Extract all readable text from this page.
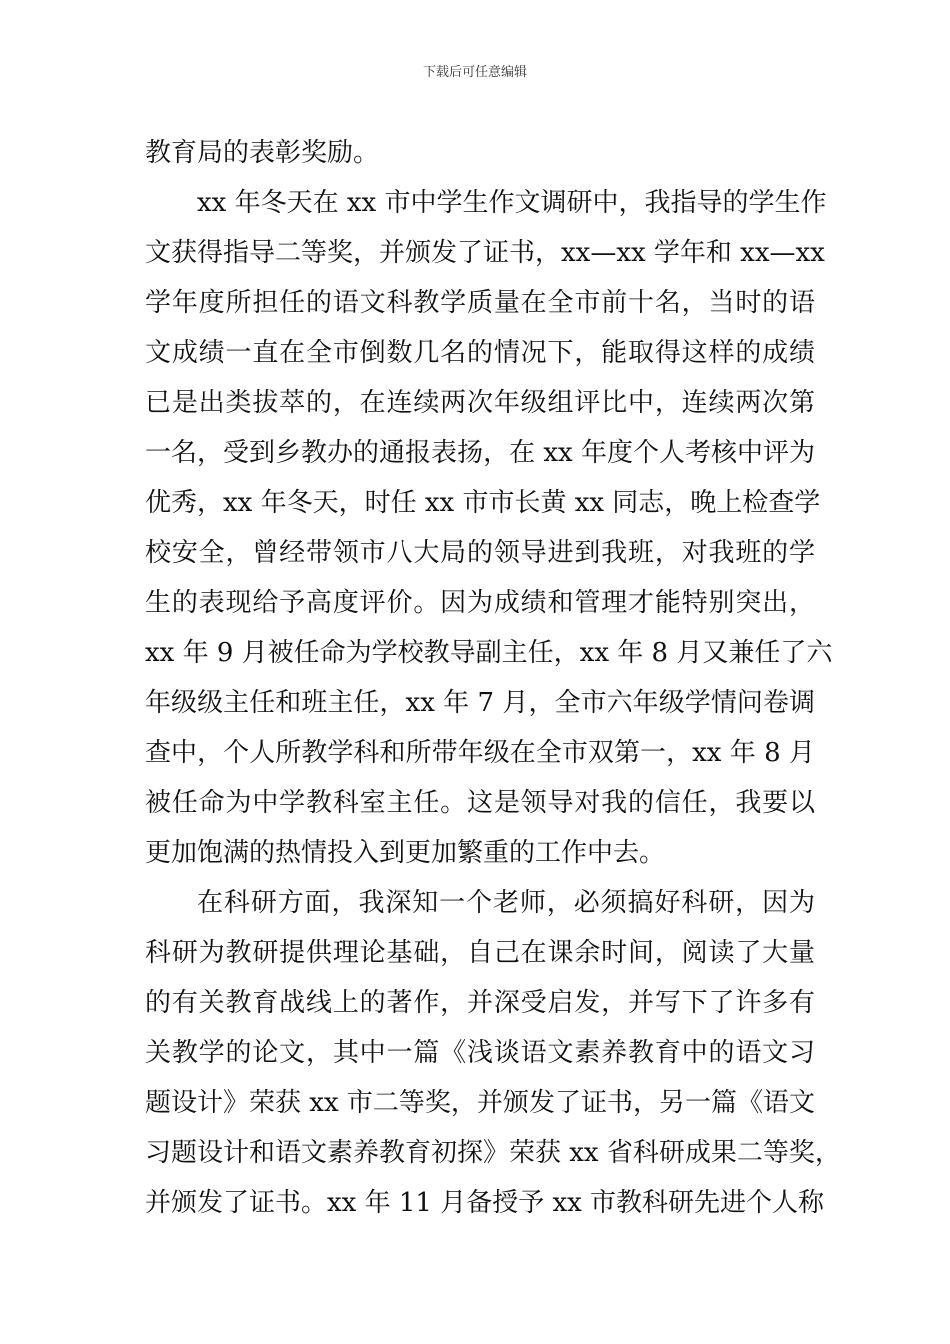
下载后可任意编辑
教育局的表彰奖励。
xx 年冬天在 xx 市中学生作文调研中，我指导的学生作
文获得指导二等奖，并颁发了证书，xx—xx 学年和 xx—xx
学年度所担任的语文科教学质量在全市前十名，当时的语
文成绩一直在全市倒数几名的情况下，能取得这样的成绩
已是出类拔萃的，在连续两次年级组评比中，连续两次第
一名，受到乡教办的通报表扬，在 xx 年度个人考核中评为
优秀，xx 年冬天，时任 xx 市市长黄 xx 同志，晚上检查学
校安全，曾经带领市八大局的领导进到我班，对我班的学
生的表现给予高度评价。因为成绩和管理才能特别突出，
xx 年 9 月被任命为学校教导副主任，xx 年 8 月又兼任了六
年级级主任和班主任，xx 年 7 月，全市六年级学情问卷调
查中，个人所教学科和所带年级在全市双第一，xx 年 8 月
被任命为中学教科室主任。这是领导对我的信任，我要以
更加饱满的热情投入到更加繁重的工作中去。
在科研方面，我深知一个老师，必须搞好科研，因为
科研为教研提供理论基础，自己在课余时间，阅读了大量
的有关教育战线上的著作，并深受启发，并写下了许多有
关教学的论文，其中一篇《浅谈语文素养教育中的语文习
题设计》荣获 xx 市二等奖，并颁发了证书，另一篇《语文
习题设计和语文素养教育初探》荣获 xx 省科研成果二等奖，
并颁发了证书。xx 年 11 月备授予 xx 市教科研先进个人称
